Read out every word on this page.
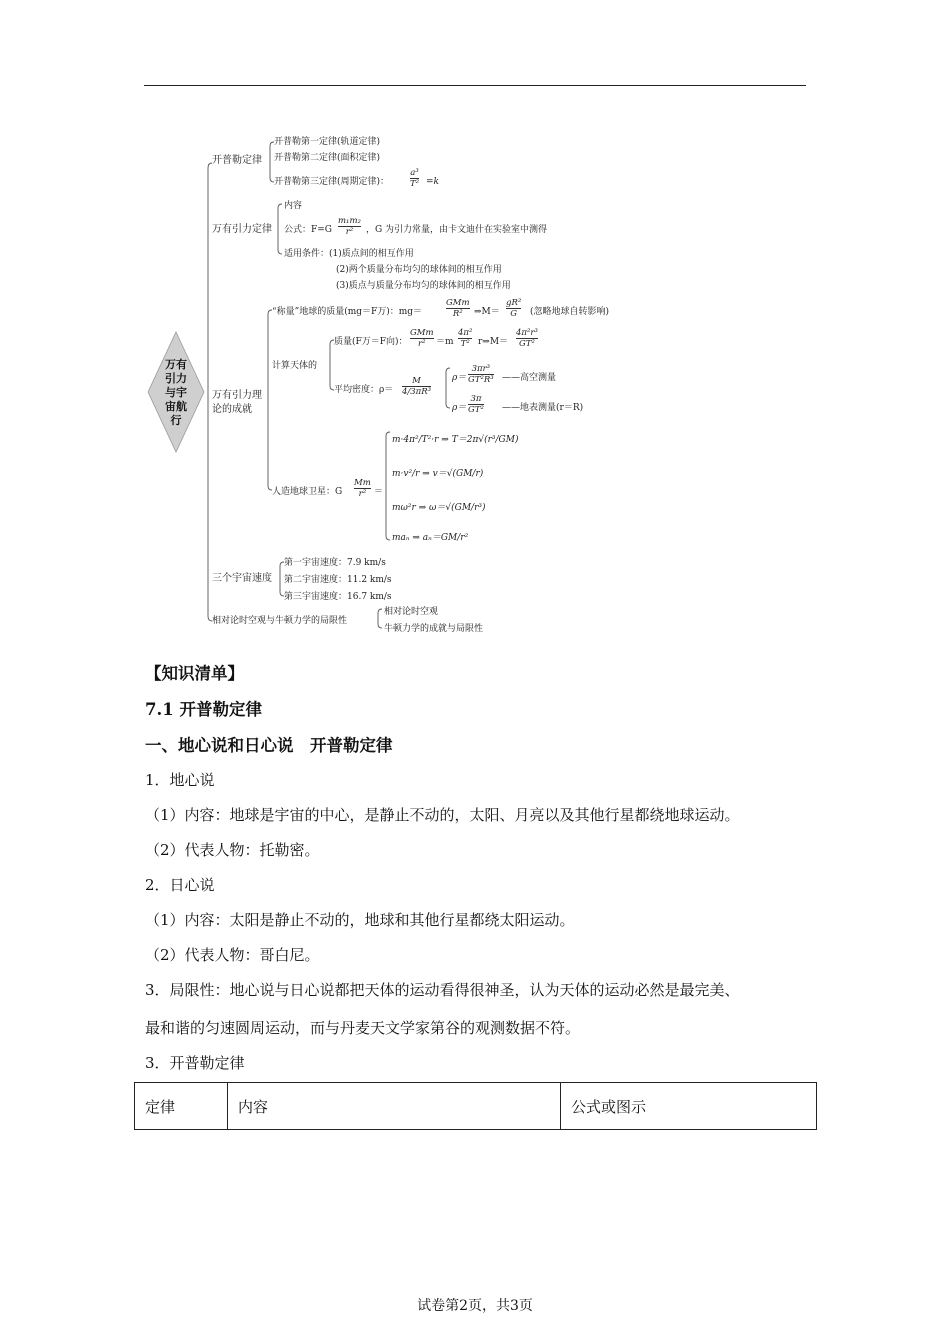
万有
引力
与宇
宙航
行
开普勒定律
开普勒第一定律(轨道定律)
开普勒第二定律(面积定律)
开普勒第三定律(周期定律)： $\frac{\text{a³}}{\text{T²}} =k$
万有引力定律
内容
公式：$F=G \frac{\text{m₁m₂}}{\text{r²}}$ ，G 为引力常量，由卡文迪什在实验室中测得
适用条件：(1)质点间的相互作用
(2)两个质量分布均匀的球体间的相互作用
(3)质点与质量分布均匀的球体间的相互作用
万有引力理
论的成就
“称量”地球的质量(mg＝F万)：mg＝
GMm
R²	⇒M＝ $\frac{\text{gR²}}{G}$ (忽略地球自转影响)
计算天体的
质量(F万＝F向)：
GMm
r²	$=m \frac{\text{4π²}}{\text{T²}}$ r⇒M＝ $\frac{\text{4π²r³}}{\text{GT²}}$
平均密度：$\rho= \frac{M}{\text{4/3πR³}} \rho= \frac{\text{3πr³}}{\text{GT²R³}}$ ——高空测量
$\rho= \frac{3\pi}{\text{GT²}}$ ——地表测量(r＝R)
人造地球卫星：G $\frac{Mm}{\text{r²}}$ ＝
m·4π²/T²·r ⇒ T＝2π√(r³/GM)
m·v²/r ⇒ v＝√(GM/r)
mω²r ⇒ ω＝√(GM/r³)
maₙ ⇒ aₙ＝GM/r²
三个宇宙速度
第一宇宙速度：7.9 km/s
第二宇宙速度：11.2 km/s
第三宇宙速度：16.7 km/s
相对论时空观与牛顿力学的局限性
相对论时空观
牛顿力学的成就与局限性
【知识清单】
7.1 开普勒定律
一、地心说和日心说　开普勒定律
1．地心说
（1）内容：地球是宇宙的中心，是静止不动的，太阳、月亮以及其他行星都绕地球运动。
（2）代表人物：托勒密。
2．日心说
（1）内容：太阳是静止不动的，地球和其他行星都绕太阳运动。
（2）代表人物：哥白尼。
3．局限性：地心说与日心说都把天体的运动看得很神圣，认为天体的运动必然是最完美、
最和谐的匀速圆周运动，而与丹麦天文学家第谷的观测数据不符。
3．开普勒定律
定律	内容	公式或图示
试卷第2页，共3页
